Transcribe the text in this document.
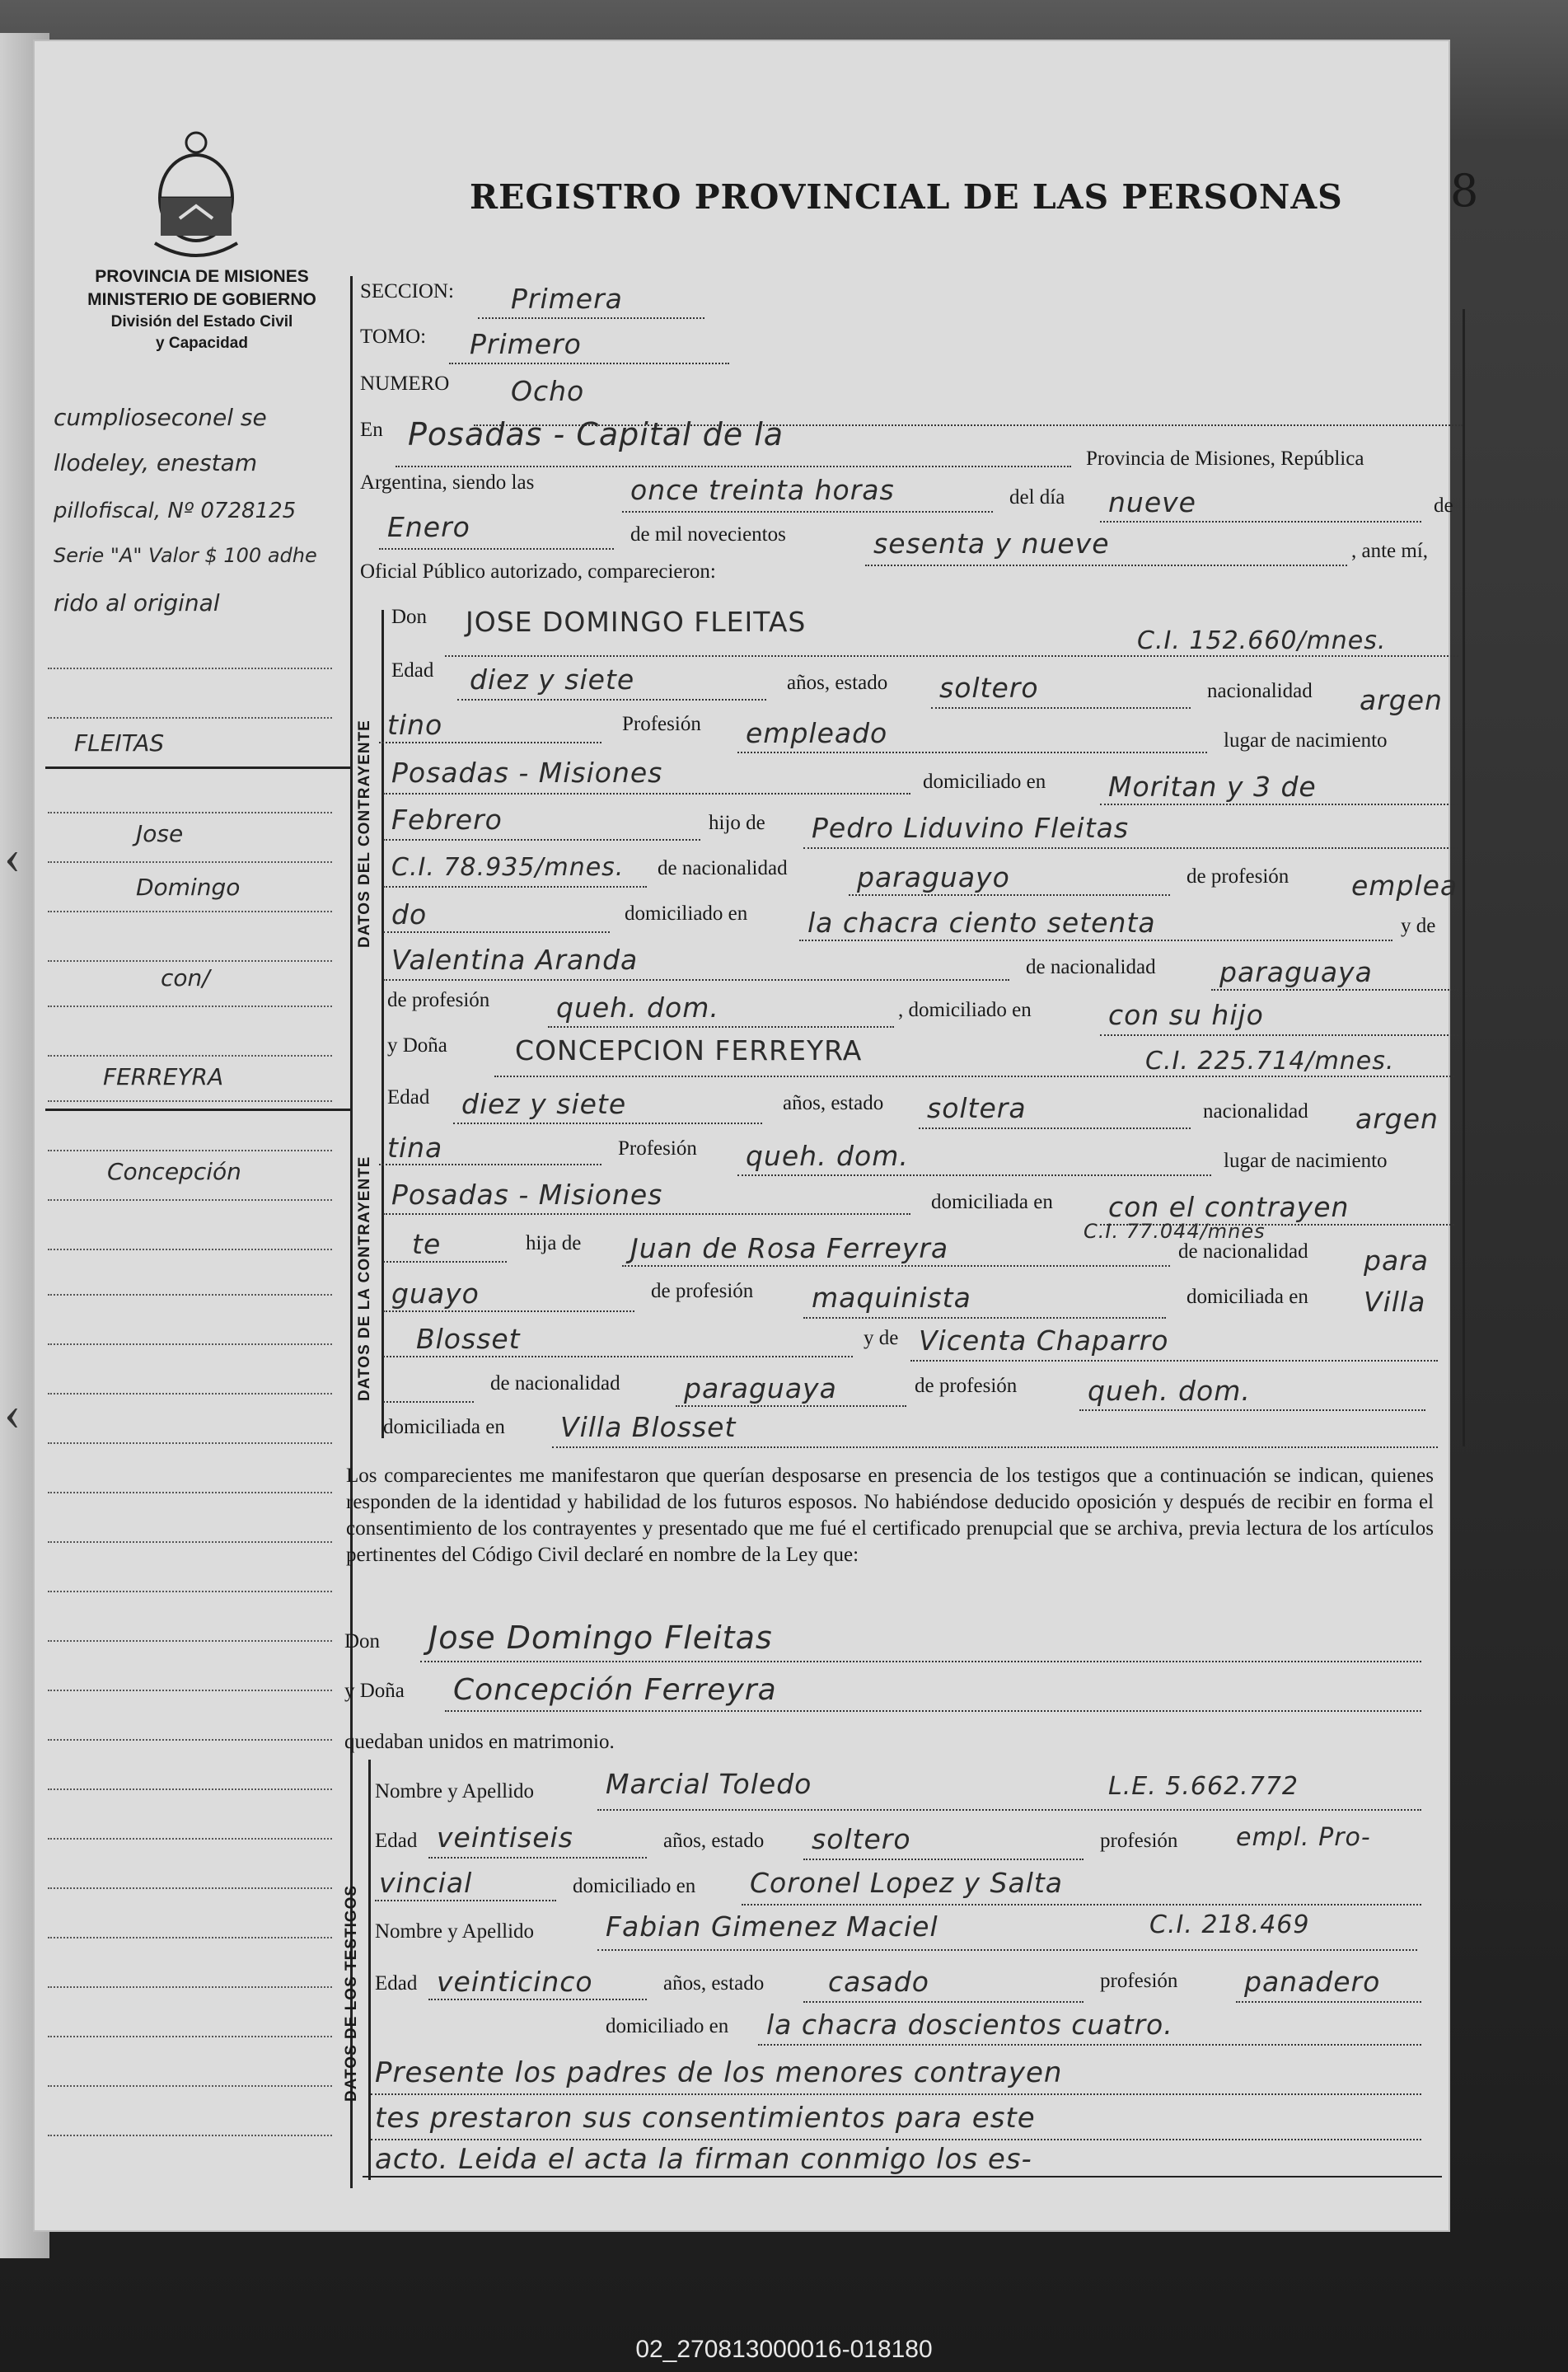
PROVINCIA DE MISIONES
MINISTERIO DE GOBIERNO
División del Estado Civil
y Capacidad
REGISTRO PROVINCIAL DE LAS PERSONAS 8
DATOS DEL CONTRAYENTE
DATOS DE LA CONTRAYENTE
DATOS DE LOS TESTIGOS
cumplioseconel se
llodeley, enestam
pillofiscal, Nº 0728125
Serie "A" Valor $ 100 adhe
rido al original
FLEITAS
Jose
Domingo
con/
FERREYRA
Concepción
‹
‹
SECCION: Primera
TOMO: Primero
NUMERO Ocho
En Posadas - Capital de la
Provincia de Misiones, República
Argentina, siendo las	once treinta horas	del día nueve	de
Enero	de mil novecientos	sesenta y nueve	, ante mí,
Oficial Público autorizado, comparecieron:
Don JOSE DOMINGO FLEITAS
C.I. 152.660/mnes.
Edad diez y siete	años, estado soltero	nacionalidad argen
tino	Profesión empleado	lugar de nacimiento
Posadas - Misiones	domiciliado en Moritan y 3 de
Febrero	hijo de Pedro Liduvino Fleitas
C.I. 78.935/mnes. de nacionalidad	paraguayo	de profesión emplea
do	domiciliado en la chacra ciento setenta	y de
Valentina Aranda	de nacionalidad paraguaya
de profesión queh. dom.	, domiciliado en	con su hijo
y Doña CONCEPCION FERREYRA	C.I. 225.714/mnes.
Edad diez y siete	años, estado soltera	nacionalidad argen
tina	Profesión queh. dom.	lugar de nacimiento
Posadas - Misiones	domiciliada en con el contrayen
te	hija de Juan de Rosa Ferreyra
C.I. 77.044/mnes
de nacionalidad para
guayo	de profesión maquinista	domiciliada en Villa
Blosset	y de Vicenta Chaparro
de nacionalidad paraguaya	de profesión	queh. dom.
domiciliada en Villa Blosset
Los comparecientes me manifestaron que querían desposarse en presencia de los testigos que a continuación se indican, quienes responden de la identidad y habilidad de los futuros esposos. No habiéndose deducido oposición y después de recibir en forma el consentimiento de los contrayentes y presentado que me fué el certificado prenupcial que se archiva, previa lectura de los artículos pertinentes del Código Civil declaré en nombre de la Ley que:
Don Jose Domingo Fleitas
y Doña Concepción Ferreyra
quedaban unidos en matrimonio.
Nombre y Apellido	Marcial Toledo	L.E. 5.662.772
Edad veintiseis	años, estado soltero	profesión empl. Pro-
vincial	domiciliado en Coronel Lopez y Salta
Nombre y Apellido	Fabian Gimenez Maciel	C.I. 218.469
Edad veinticinco	años, estado casado	profesión panadero
domiciliado en la chacra doscientos cuatro.
Presente los padres de los menores contrayen
tes prestaron sus consentimientos para este
acto. Leida el acta la firman conmigo los es-
02_270813000016-018180
